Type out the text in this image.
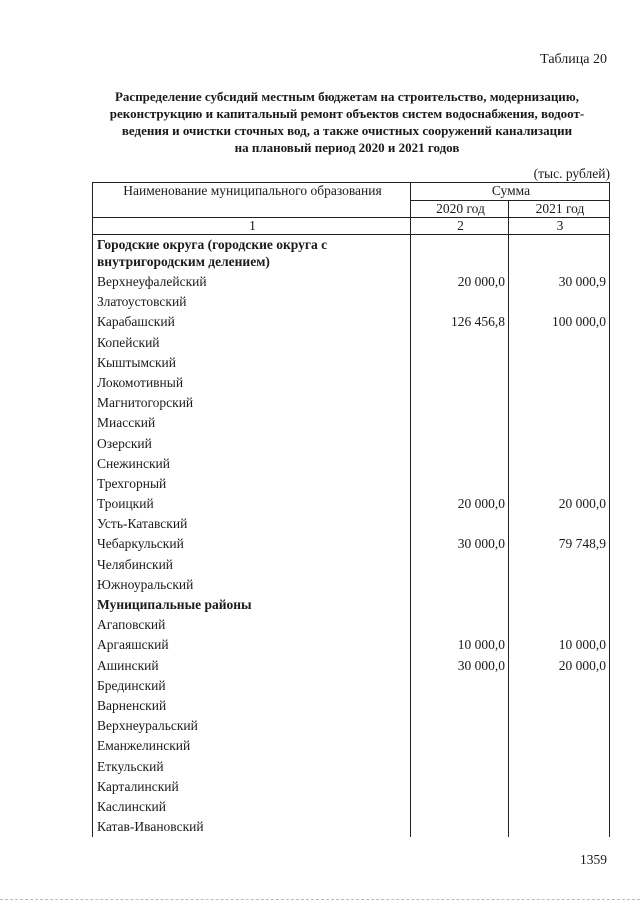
Таблица 20
Распределение субсидий местным бюджетам на строительство, модернизацию,
реконструкцию и капитальный ремонт объектов систем водоснабжения, водоот-
ведения и очистки сточных вод, а также очистных сооружений канализации
на плановый период 2020 и 2021 годов
(тыс. рублей)
Наименование муниципального образования	Сумма	
	2020 год	2021 год
1	2	3
Городские округа (городские округа с внутригородским делением)		
Верхнеуфалейский	20 000,0	30 000,9
Златоустовский		
Карабашский	126 456,8	100 000,0
Копейский		
Кыштымский		
Локомотивный		
Магнитогорский		
Миасский		
Озерский		
Снежинский		
Трехгорный		
Троицкий	20 000,0	20 000,0
Усть-Катавский		
Чебаркульский	30 000,0	79 748,9
Челябинский		
Южноуральский		
Муниципальные районы		
Агаповский		
Аргаяшский	10 000,0	10 000,0
Ашинский	30 000,0	20 000,0
Брединский		
Варненский		
Верхнеуральский		
Еманжелинский		
Еткульский		
Карталинский		
Каслинский		
Катав-Ивановский		
1359
